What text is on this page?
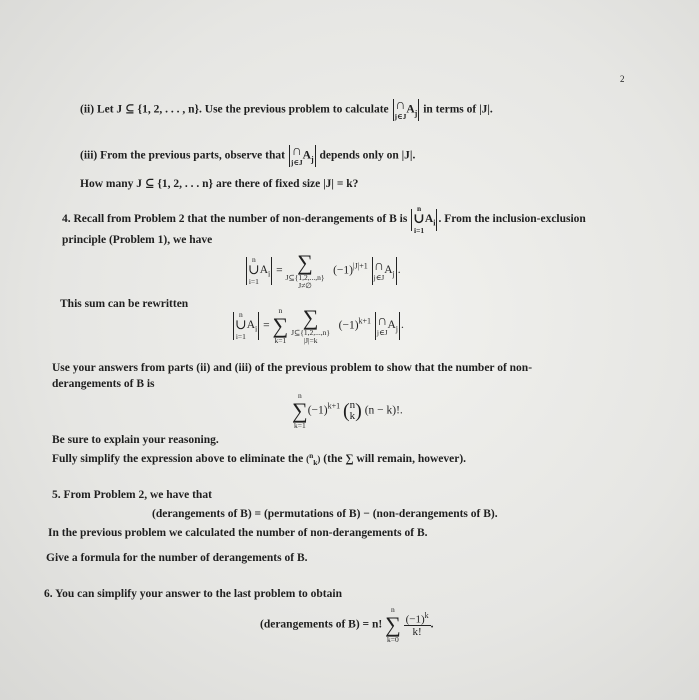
2
(ii) Let J ⊆ {1, 2, . . . , n}. Use the previous problem to calculate ∩
j∈J
$A_j$ in terms of |J|.
(iii) From the previous parts, observe that ∩
j∈J
$A_j$ depends only on |J|.
How many J ⊆ {1, 2, . . . n} are there of fixed size |J| = k?
4. Recall from Problem 2 that the number of non-derangements of B is
n
∪
i=1
$A_i$ . From the inclusion-exclusion
principle (Problem 1), we have
n
∪
i=1
$A_i$ = ∑
J⊆{1,2,...,n}
J≠∅
$(-1)^{|J|+1}$ ∩
j∈J
$A_j$ .
This sum can be rewritten
n
∪
i=1
$A_i$ =
n
∑
k=1
∑
J⊆{1,2,...,n}
|J|=k
$(-1)^{k+1}$ ∩
j∈J
$A_j$ .
Use your answers from parts (ii) and (iii) of the previous problem to show that the number of non-
derangements of B is
n
∑
k=1
$(-1)^{k+1}$ (n
k) (n − k)!.
Be sure to explain your reasoning.
Fully simplify the expression above to eliminate the ($^n_k$) (the ∑ will remain, however).
5. From Problem 2, we have that
(derangements of B) = (permutations of B) − (non-derangements of B).
In the previous problem we calculated the number of non-derangements of B.
Give a formula for the number of derangements of B.
6. You can simplify your answer to the last problem to obtain
(derangements of B) = n!
n
∑
k=0

$\frac{(-1)^k}{k!}$ .
